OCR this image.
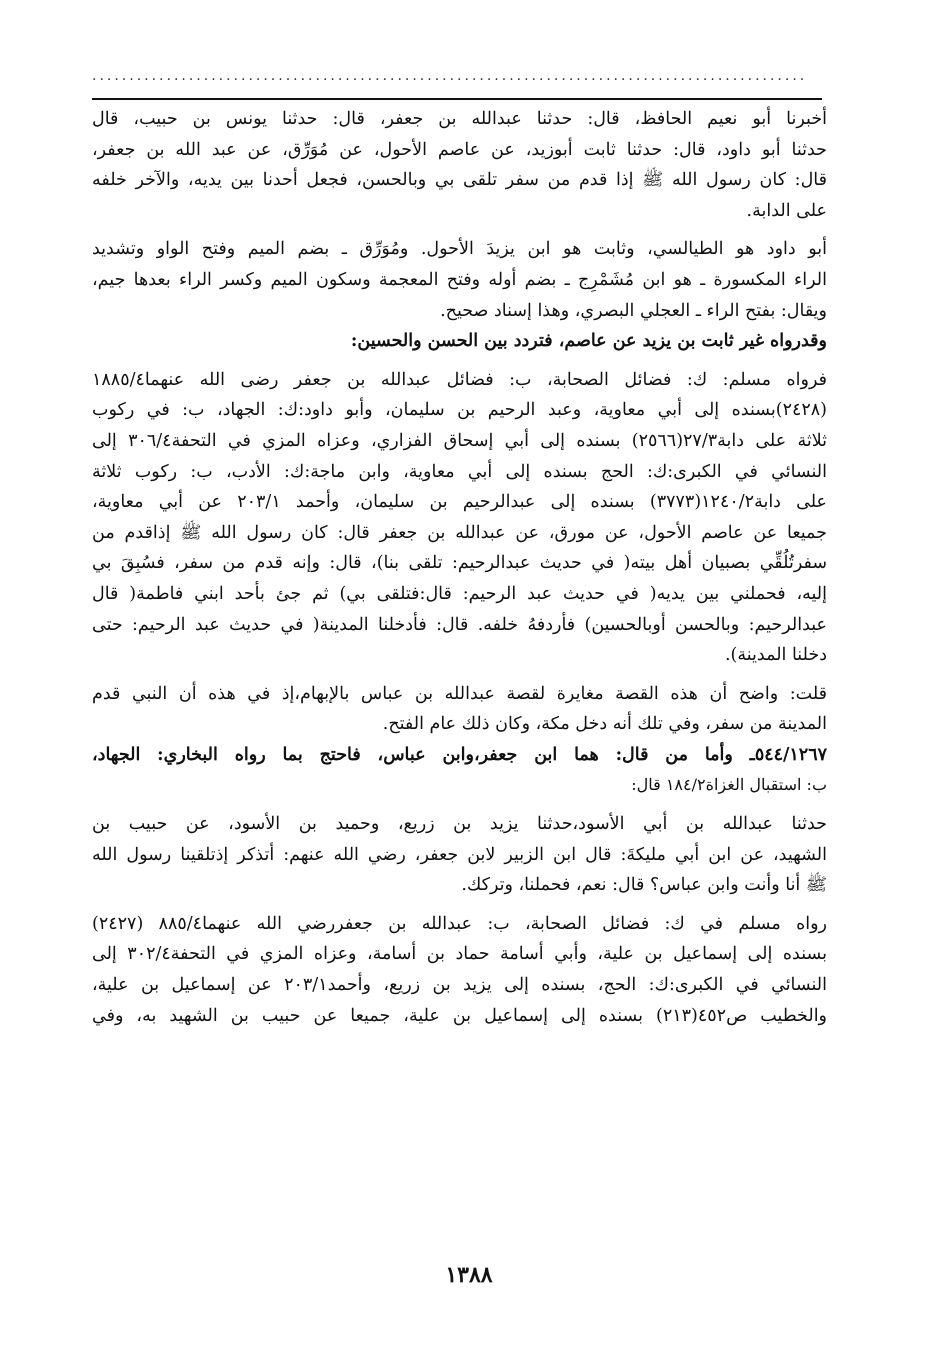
................................................................................................
أخبرنا أبو نعيم الحافظ، قال: حدثنا عبدالله بن جعفر، قال: حدثنا يونس بن حبيب، قال
حدثنا أبو داود، قال: حدثنا ثابت أبوزيد، عن عاصم الأحول، عن مُوَرِّق، عن عبد الله بن جعفر،
قال: كان رسول الله ﷺ إذا قدم من سفر تلقى بي وبالحسن، فجعل أحدنا بين يديه، والآخر خلفه
على الدابة.
أبو داود هو الطيالسي، وثابت هو ابن يزيدَ الأحول. ومُوَرِّق ـ بضم الميم وفتح الواو وتشديد
الراء المكسورة ـ هو ابن مُشَمْرِج ـ بضم أوله وفتح المعجمة وسكون الميم وكسر الراء بعدها جيم،
ويقال: بفتح الراء ـ العجلي البصري، وهذا إسناد صحيح.
وقدرواه غير ثابت بن يزيد عن عاصم، فتردد بين الحسن والحسين:
فرواه مسلم: ك: فضائل الصحابة، ب: فضائل عبدالله بن جعفر رضى الله عنهما١٨٨٥/٤
(٢٤٢٨)بسنده إلى أبي معاوية، وعبد الرحيم بن سليمان، وأبو داود:ك: الجهاد، ب: في ركوب
ثلاثة على دابة٢٧/٣(٢٥٦٦) بسنده إلى أبي إسحاق الفزاري، وعزاه المزي في التحفة٣٠٦/٤ إلى
النسائي في الكبرى:ك: الحج بسنده إلى أبي معاوية، وابن ماجة:ك: الأدب، ب: ركوب ثلاثة
على دابة١٢٤٠/٢(٣٧٧٣) بسنده إلى عبدالرحيم بن سليمان، وأحمد ٢٠٣/١ عن أبي معاوية،
جميعا عن عاصم الأحول، عن مورق، عن عبدالله بن جعفر قال: كان رسول الله ﷺ إذاقدم من
سفرتُلُقِّي بصبيان أهل بيته( في حديث عبدالرحيم: تلقى بنا)، قال: وإنه قدم من سفر، فسُبِقَ بي
إليه، فحملني بين يديه( في حديث عبد الرحيم: قال:فتلقى بي) ثم جئ بأحد ابني فاطمة( قال
عبدالرحيم: وبالحسن أوبالحسين) فأردفهُ خلفه. قال: فأدخلنا المدينة( في حديث عبد الرحيم: حتى
دخلنا المدينة).
قلت: واضح أن هذه القصة مغايرة لقصة عبدالله بن عباس بالإبهام،إذ في هذه أن النبي قدم
المدينة من سفر، وفي تلك أنه دخل مكة، وكان ذلك عام الفتح.
٥٤٤/١٢٦٧ـ وأما من قال: هما ابن جعفر،وابن عباس، فاحتج بما رواه البخاري: الجهاد،
ب: استقبال الغزاة١٨٤/٢ قال:
حدثنا عبدالله بن أبي الأسود،حدثنا يزيد بن زريع، وحميد بن الأسود، عن حبيب بن
الشهيد، عن ابن أبي مليكةَ: قال ابن الزبير لابن جعفر، رضي الله عنهم: أتذكر إذتلقينا رسول الله
ﷺ أنا وأنت وابن عباس؟ قال: نعم، فحملنا، وتركك.
رواه مسلم في ك: فضائل الصحابة، ب: عبدالله بن جعفررضي الله عنهما٨٨٥/٤ (٢٤٢٧)
بسنده إلى إسماعيل بن علية، وأبي أسامة حماد بن أسامة، وعزاه المزي في التحفة٣٠٢/٤ إلى
النسائي في الكبرى:ك: الحج، بسنده إلى يزيد بن زريع، وأحمد٢٠٣/١ عن إسماعيل بن علية،
والخطيب ص٤٥٢(٢١٣) بسنده إلى إسماعيل بن علية، جميعا عن حبيب بن الشهيد به، وفي
١٣٨٨
